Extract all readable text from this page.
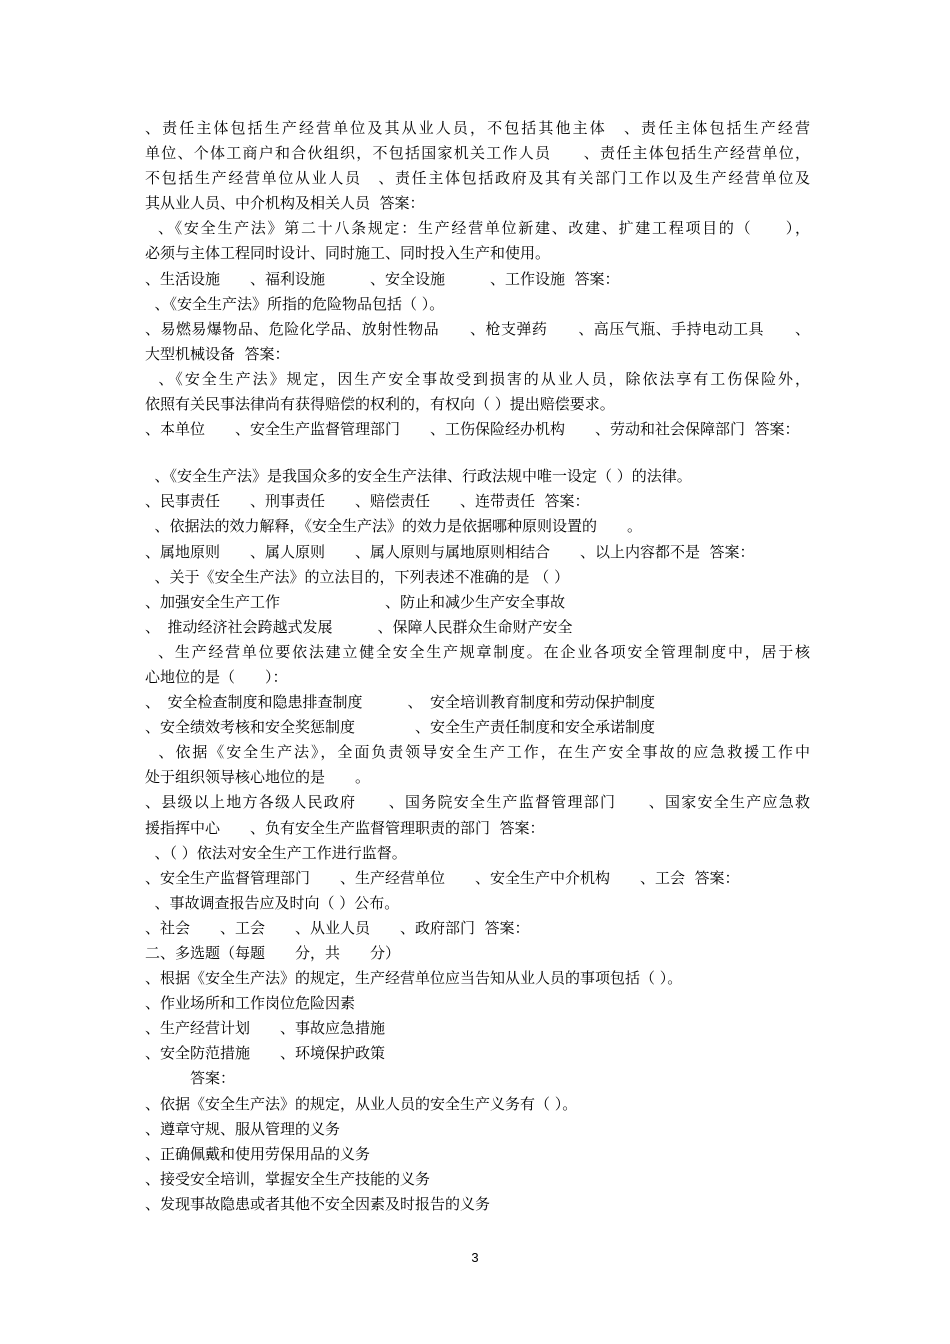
、责任主体包括生产经营单位及其从业人员，不包括其他主体　、责任主体包括生产经营
单位、个体工商户和合伙组织，不包括国家机关工作人员　　、责任主体包括生产经营单位，
不包括生产经营单位从业人员　、责任主体包括政府及其有关部门工作以及生产经营单位及
其从业人员、中介机构及相关人员  答案：
、《安全生产法》第二十八条规定：生产经营单位新建、改建、扩建工程项目的（　　），
必须与主体工程同时设计、同时施工、同时投入生产和使用。
、生活设施　　、福利设施　　　、安全设施　　　、工作设施  答案：
、《安全生产法》所指的危险物品包括（ ）。
、易燃易爆物品、危险化学品、放射性物品　　、枪支弹药　　、高压气瓶、手持电动工具　　、
大型机械设备  答案：
、《安全生产法》规定，因生产安全事故受到损害的从业人员，除依法享有工伤保险外，
依照有关民事法律尚有获得赔偿的权利的，有权向（ ）提出赔偿要求。
、本单位　　、安全生产监督管理部门　　、工伤保险经办机构　　、劳动和社会保障部门  答案：
、《安全生产法》是我国众多的安全生产法律、行政法规中唯一设定（ ）的法律。
、民事责任　　、刑事责任　　、赔偿责任　　、连带责任  答案：
、依据法的效力解释，《安全生产法》的效力是依据哪种原则设置的　　。
、属地原则　　、属人原则　　、属人原则与属地原则相结合　　、以上内容都不是  答案：
、关于《安全生产法》的立法目的，下列表述不准确的是 （ ）
、加强安全生产工作　　　　　　　、防止和减少生产安全事故
、　推动经济社会跨越式发展　　　、保障人民群众生命财产安全
、生产经营单位要依法建立健全安全生产规章制度。在企业各项安全管理制度中，居于核
心地位的是（　　）：
、　安全检查制度和隐患排查制度　　　、　安全培训教育制度和劳动保护制度
、安全绩效考核和安全奖惩制度　　　　、安全生产责任制度和安全承诺制度
、依据《安全生产法》，全面负责领导安全生产工作，在生产安全事故的应急救援工作中
处于组织领导核心地位的是　　。
、县级以上地方各级人民政府　　、国务院安全生产监督管理部门　　、国家安全生产应急救
援指挥中心　　、负有安全生产监督管理职责的部门  答案：
、（ ）依法对安全生产工作进行监督。
、安全生产监督管理部门　　、生产经营单位　　、安全生产中介机构　　、工会  答案：
、事故调查报告应及时向（ ）公布。
、社会　　、工会　　、从业人员　　、政府部门  答案：
二、多选题（每题　　分，共　　分）
、根据《安全生产法》的规定，生产经营单位应当告知从业人员的事项包括（ ）。
、作业场所和工作岗位危险因素
、生产经营计划　　、事故应急措施
、安全防范措施　　、环境保护政策
　　　答案：
、依据《安全生产法》的规定，从业人员的安全生产义务有（ ）。
、遵章守规、服从管理的义务
、正确佩戴和使用劳保用品的义务
、接受安全培训，掌握安全生产技能的义务
、发现事故隐患或者其他不安全因素及时报告的义务
3
